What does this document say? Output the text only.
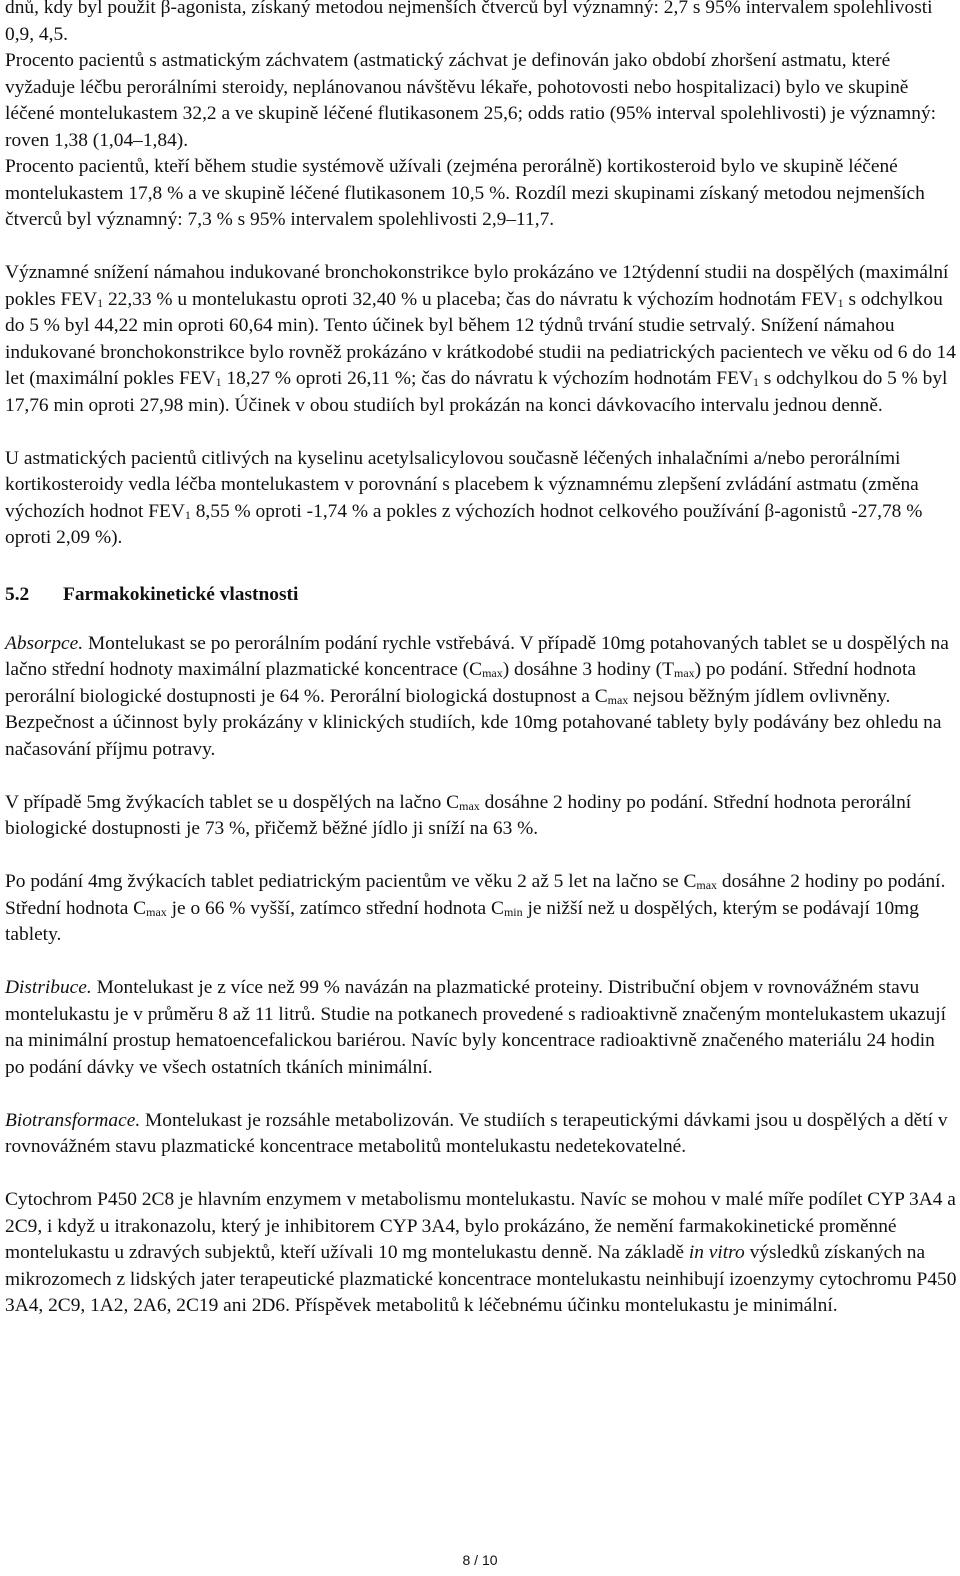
dnů, kdy byl použit β-agonista, získaný metodou nejmenších čtverců byl významný: 2,7 s 95% intervalem spolehlivosti 0,9, 4,5.

Procento pacientů s astmatickým záchvatem (astmatický záchvat je definován jako období zhoršení astmatu, které vyžaduje léčbu perorálními steroidy, neplánovanou návštěvu lékaře, pohotovosti nebo hospitalizaci) bylo ve skupině léčené montelukastem 32,2 a ve skupině léčené flutikasonem 25,6; odds ratio (95% interval spolehlivosti) je významný: roven 1,38 (1,04–1,84).

Procento pacientů, kteří během studie systémově užívali (zejména perorálně) kortikosteroid bylo ve skupině léčené montelukastem 17,8 % a ve skupině léčené flutikasonem 10,5 %. Rozdíl mezi skupinami získaný metodou nejmenších čtverců byl významný: 7,3 % s 95% intervalem spolehlivosti 2,9–11,7.

Významné snížení námahou indukované bronchokonstrikce bylo prokázáno ve 12týdenní studii na dospělých (maximální pokles $FEV_1$ 22,33 % u montelukastu oproti 32,40 % u placeba; čas do návratu k výchozím hodnotám $FEV_1$ s odchylkou do 5 % byl 44,22 min oproti 60,64 min). Tento účinek byl během 12 týdnů trvání studie setrvalý. Snížení námahou indukované bronchokonstrikce bylo rovněž prokázáno v krátkodobé studii na pediatrických pacientech ve věku od 6 do 14 let (maximální pokles $FEV_1$ 18,27 % oproti 26,11 %; čas do návratu k výchozím hodnotám $FEV_1$ s odchylkou do 5 % byl 17,76 min oproti 27,98 min). Účinek v obou studiích byl prokázán na konci dávkovacího intervalu jednou denně.

U astmatických pacientů citlivých na kyselinu acetylsalicylovou současně léčených inhalačními a/nebo perorálními kortikosteroidy vedla léčba montelukastem v porovnání s placebem k významnému zlepšení zvládání astmatu (změna výchozích hodnot $FEV_1$ 8,55 % oproti -1,74 % a pokles z výchozích hodnot celkového používání β-agonistů -27,78 % oproti 2,09 %).

5.2 Farmakokinetické vlastnosti

Absorpce. Montelukast se po perorálním podání rychle vstřebává. V případě 10mg potahovaných tablet se u dospělých na lačno střední hodnoty maximální plazmatické koncentrace $(C_{max})$ dosáhne 3 hodiny $(T_{max})$ po podání. Střední hodnota perorální biologické dostupnosti je 64 %. Perorální biologická dostupnost a $C_{max}$ nejsou běžným jídlem ovlivněny. Bezpečnost a účinnost byly prokázány v klinických studiích, kde 10mg potahované tablety byly podávány bez ohledu na načasování příjmu potravy.

V případě 5mg žvýkacích tablet se u dospělých na lačno $C_{max}$ dosáhne 2 hodiny po podání. Střední hodnota perorální biologické dostupnosti je 73 %, přičemž běžné jídlo ji sníží na 63 %.

Po podání 4mg žvýkacích tablet pediatrickým pacientům ve věku 2 až 5 let na lačno se $C_{max}$ dosáhne 2 hodiny po podání. Střední hodnota $C_{max}$ je o 66 % vyšší, zatímco střední hodnota $C_{min}$ je nižší než u dospělých, kterým se podávají 10mg tablety.

Distribuce. Montelukast je z více než 99 % navázán na plazmatické proteiny. Distribuční objem v rovnovážném stavu montelukastu je v průměru 8 až 11 litrů. Studie na potkanech provedené s radioaktivně značeným montelukastem ukazují na minimální prostup hematoencefalickou bariérou. Navíc byly koncentrace radioaktivně značeného materiálu 24 hodin po podání dávky ve všech ostatních tkáních minimální.

Biotransformace. Montelukast je rozsáhle metabolizován. Ve studiích s terapeutickými dávkami jsou u dospělých a dětí v rovnovážném stavu plazmatické koncentrace metabolitů montelukastu nedetekovatelné.

Cytochrom P450 2C8 je hlavním enzymem v metabolismu montelukastu. Navíc se mohou v malé míře podílet CYP 3A4 a 2C9, i když u itrakonazolu, který je inhibitorem CYP 3A4, bylo prokázáno, že nemění farmakokinetické proměnné montelukastu u zdravých subjektů, kteří užívali 10 mg montelukastu denně. Na základě in vitro výsledků získaných na mikrozomech z lidských jater terapeutické plazmatické koncentrace montelukastu neinhibují izoenzymy cytochromu P450 3A4, 2C9, 1A2, 2A6, 2C19 ani 2D6. Příspěvek metabolitů k léčebnému účinku montelukastu je minimální.

8 / 10
